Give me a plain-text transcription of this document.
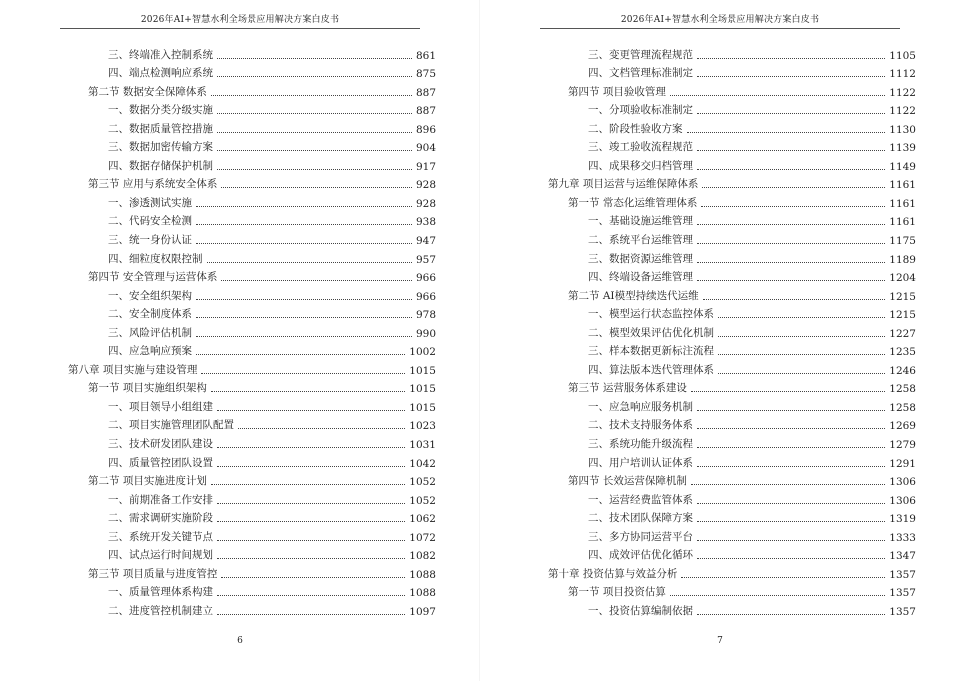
2026年AI+智慧水利全场景应用解决方案白皮书
三、终端准入控制系统	861
四、端点检测响应系统	875
第二节 数据安全保障体系	887
一、数据分类分级实施	887
二、数据质量管控措施	896
三、数据加密传输方案	904
四、数据存储保护机制	917
第三节 应用与系统安全体系	928
一、渗透测试实施	928
二、代码安全检测	938
三、统一身份认证	947
四、细粒度权限控制	957
第四节 安全管理与运营体系	966
一、安全组织架构	966
二、安全制度体系	978
三、风险评估机制	990
四、应急响应预案	1002
第八章 项目实施与建设管理	1015
第一节 项目实施组织架构	1015
一、项目领导小组组建	1015
二、项目实施管理团队配置	1023
三、技术研发团队建设	1031
四、质量管控团队设置	1042
第二节 项目实施进度计划	1052
一、前期准备工作安排	1052
二、需求调研实施阶段	1062
三、系统开发关键节点	1072
四、试点运行时间规划	1082
第三节 项目质量与进度管控	1088
一、质量管理体系构建	1088
二、进度管控机制建立	1097
6
2026年AI+智慧水利全场景应用解决方案白皮书
三、变更管理流程规范	1105
四、文档管理标准制定	1112
第四节 项目验收管理	1122
一、分项验收标准制定	1122
二、阶段性验收方案	1130
三、竣工验收流程规范	1139
四、成果移交归档管理	1149
第九章 项目运营与运维保障体系	1161
第一节 常态化运维管理体系	1161
一、基础设施运维管理	1161
二、系统平台运维管理	1175
三、数据资源运维管理	1189
四、终端设备运维管理	1204
第二节 AI模型持续迭代运维	1215
一、模型运行状态监控体系	1215
二、模型效果评估优化机制	1227
三、样本数据更新标注流程	1235
四、算法版本迭代管理体系	1246
第三节 运营服务体系建设	1258
一、应急响应服务机制	1258
二、技术支持服务体系	1269
三、系统功能升级流程	1279
四、用户培训认证体系	1291
第四节 长效运营保障机制	1306
一、运营经费监管体系	1306
二、技术团队保障方案	1319
三、多方协同运营平台	1333
四、成效评估优化循环	1347
第十章 投资估算与效益分析	1357
第一节 项目投资估算	1357
一、投资估算编制依据	1357
7
